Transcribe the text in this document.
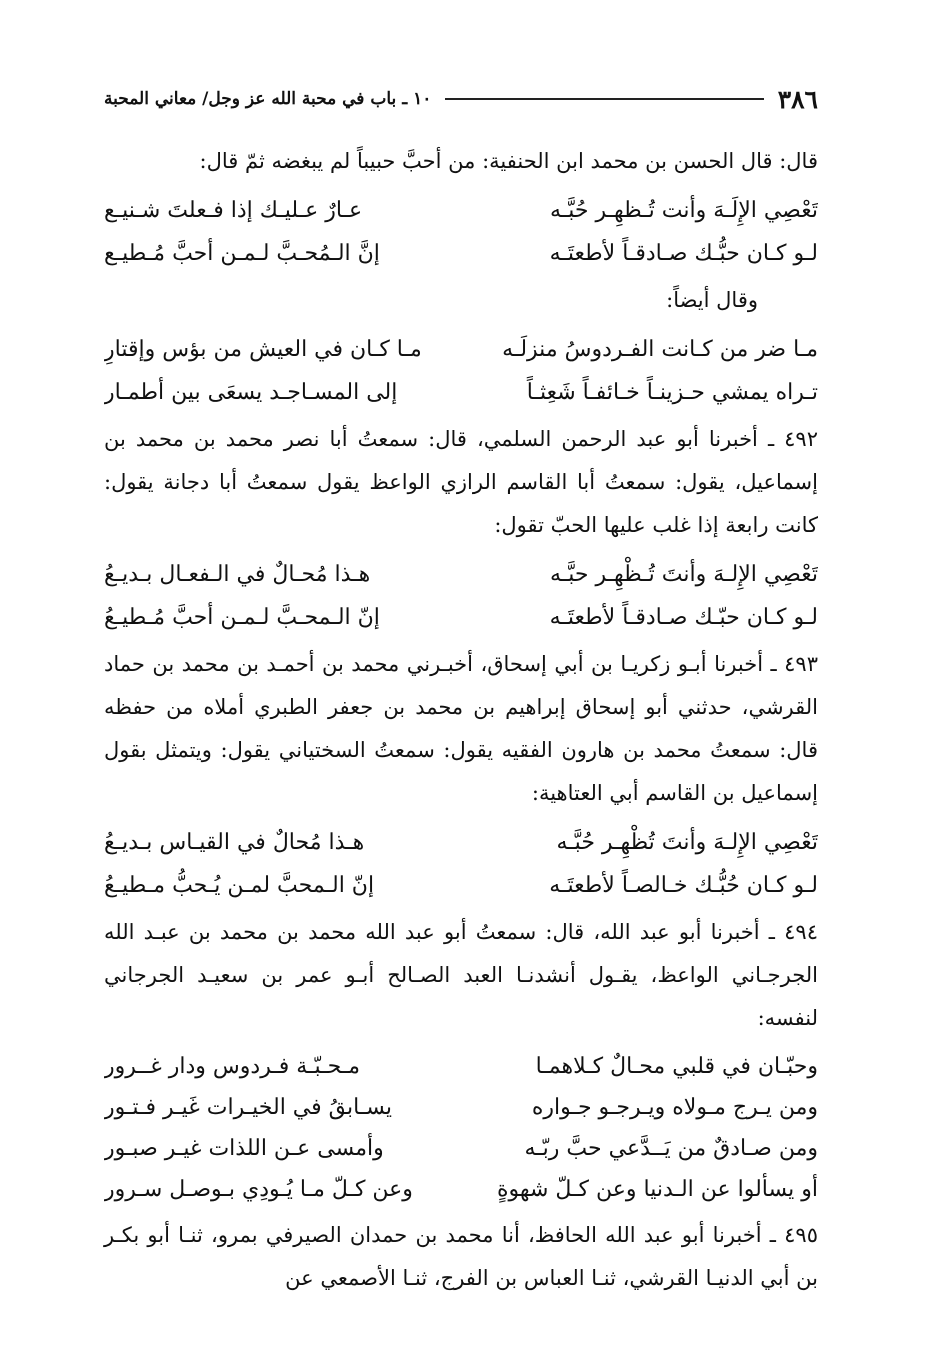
٣٨٦
١٠ ـ باب في محبة الله عز وجل/ معاني المحبة

قال: قال الحسن بن محمد ابن الحنفية: من أحبَّ حبيباً لم يبغضه ثمّ قال:

تَعْصِي الإِلَـهَ وأنت تُـظهِـر حُبَّـه
عـارٌ عـليـك إذا فـعلتَ شـنيـع
لـو كـان حبُّـك صـادقـاً لأطعتَـه
إنَّ الـمُحـبَّ لـمـن أحبَّ مُـطيـع

وقال أيضاً:

مـا ضر من كـانت الفـردوسُ منزلَـه
مـا كـان في العيش من بؤس وإقتارِ
تـراه يمشي حـزينـاً خـائفـاً شَعِثـاً
إلى المسـاجـد يسعَى بين أطمـار

٤٩٢ ـ أخبرنا أبو عبد الرحمن السلمي، قال: سمعتُ أبا نصر محمد بن محمد بن إسماعيل، يقول: سمعتُ أبا القاسم الرازي الواعظ يقول سمعتُ أبا دجانة يقول: كانت رابعة إذا غلب عليها الحبّ تقول:

تَعْصِي الإِلـهَ وأنتَ تُـظْهِـر حبَّـه
هـذا مُحـالٌ في الـفعـال بـديـعُ
لـو كـان حبّـك صـادقـاً لأطعتَـه
إنّ الـمحـبَّ لـمـن أحبَّ مُـطيـعُ

٤٩٣ ـ أخبرنا أبـو زكريـا بن أبي إسحاق، أخبـرني محمد بن أحمـد بن محمد بن حماد القرشي، حدثني أبو إسحاق إبراهيم بن محمد بن جعفر الطبري أملاه من حفظه قال: سمعتُ محمد بن هارون الفقيه يقول: سمعتُ السختياني يقول: ويتمثل بقول إسماعيل بن القاسم أبي العتاهية:

تَعْصِي الإِلـهَ وأنتَ تُظْهِـر حُبَّـه
هـذا مُحالٌ في القيـاس بـديـعُ
لـو كـان حُبُّـك خـالصـاً لأطعتَـه
إنّ الـمحبَّ لمـن يُـحبُّ مـطيـعُ

٤٩٤ ـ أخبرنا أبو عبد الله، قال: سمعتُ أبو عبد الله محمد بن محمد بن عبـد الله الجرجـاني الواعظ، يقـول أنشدنـا العبد الصـالح أبـو عمر بن سعيـد الجرجاني لنفسه:

وحبّـان في قلبي محـالٌ كـلاهمـا
مـحـبّـة فـردوس ودار غــرور
ومن يـرج مـولاه ويـرجـو جـواره
يسـابقُ في الخيـرات غَيـر فـتـور
ومن صـادقٌ من يَــدَّعي حبَّ ربّـه
وأمسى عـن اللذات غيـر صبـور
أو يسألوا عن الـدنيا وعن كـلّ شهوةٍ
وعن كـلّ مـا يُـودِي بـوصـل سـرور

٤٩٥ ـ أخبرنا أبو عبد الله الحافظ، أنا محمد بن حمدان الصيرفي بمرو، ثنـا أبو بكـر بن أبي الدنيـا القرشي، ثنـا العباس بن الفرج، ثنـا الأصمعي عن
